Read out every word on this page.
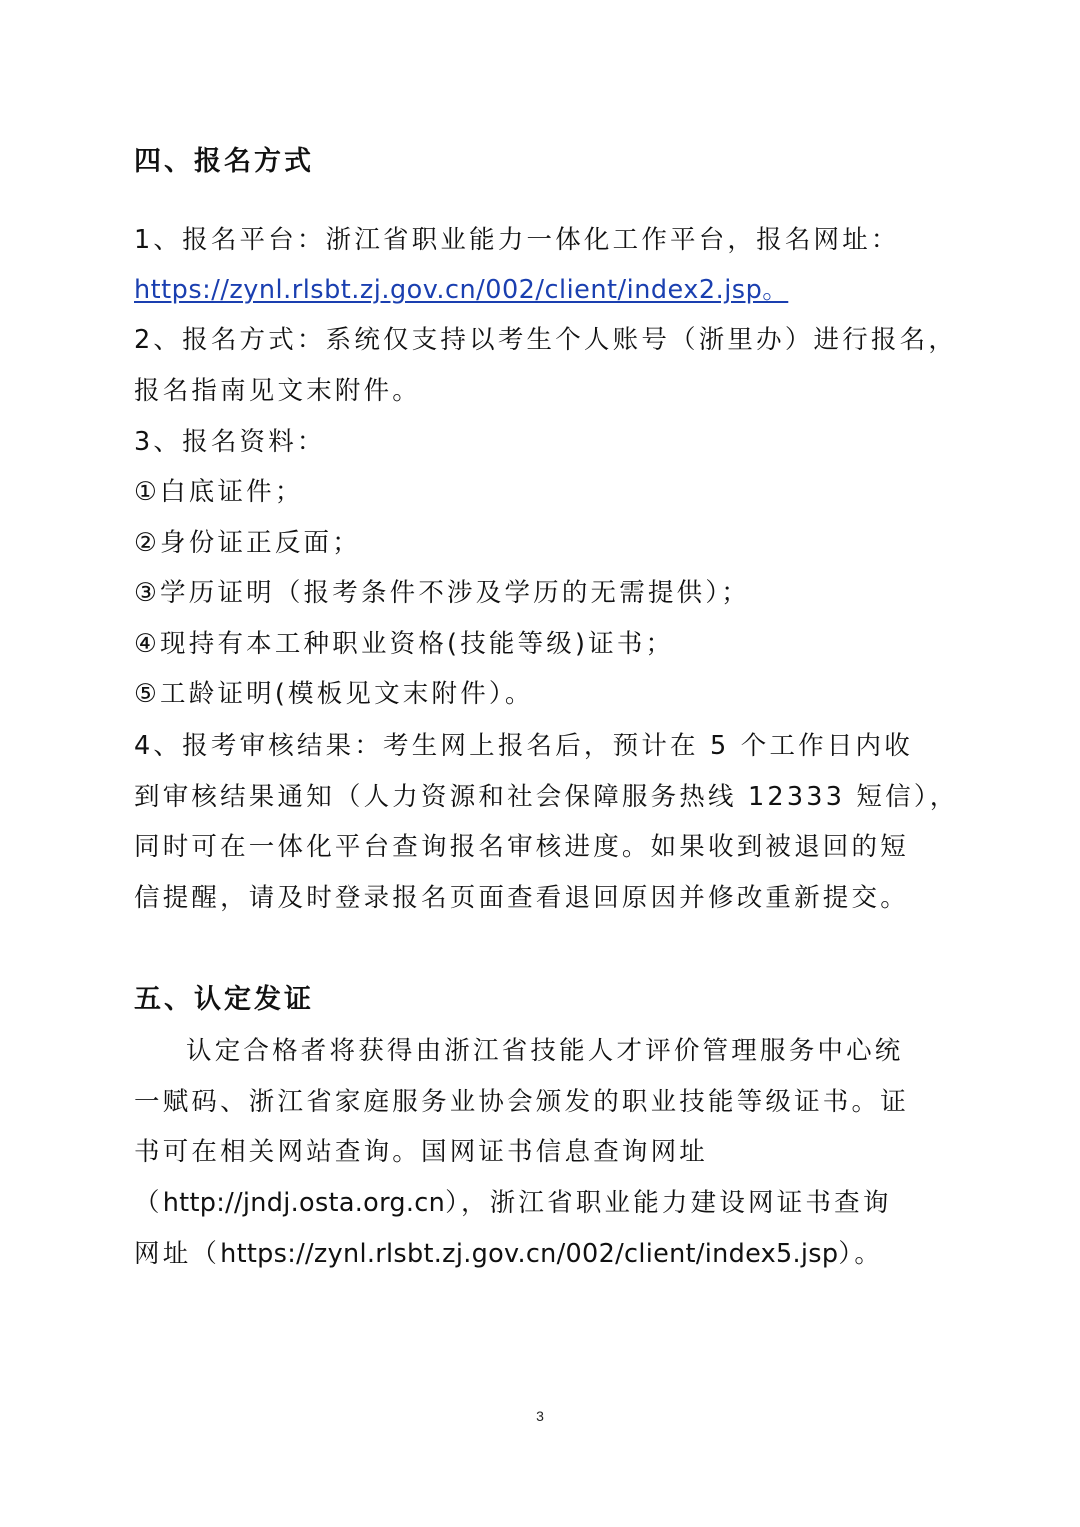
四、报名方式
1、报名平台：浙江省职业能力一体化工作平台，报名网址：
https://zynl.rlsbt.zj.gov.cn/002/client/index2.jsp。
2、报名方式：系统仅支持以考生个人账号（浙里办）进行报名，
报名指南见文末附件。
3、报名资料：
①白底证件；
②身份证正反面；
③学历证明（报考条件不涉及学历的无需提供）；
④现持有本工种职业资格(技能等级)证书；
⑤工龄证明(模板见文末附件）。
4、报考审核结果：考生网上报名后，预计在 5 个工作日内收
到审核结果通知（人力资源和社会保障服务热线 12333 短信），
同时可在一体化平台查询报名审核进度。如果收到被退回的短
信提醒，请及时登录报名页面查看退回原因并修改重新提交。
五、认定发证
认定合格者将获得由浙江省技能人才评价管理服务中心统
一赋码、浙江省家庭服务业协会颁发的职业技能等级证书。证
书可在相关网站查询。国网证书信息查询网址
（http://jndj.osta.org.cn），浙江省职业能力建设网证书查询
网址（https://zynl.rlsbt.zj.gov.cn/002/client/index5.jsp）。
3
